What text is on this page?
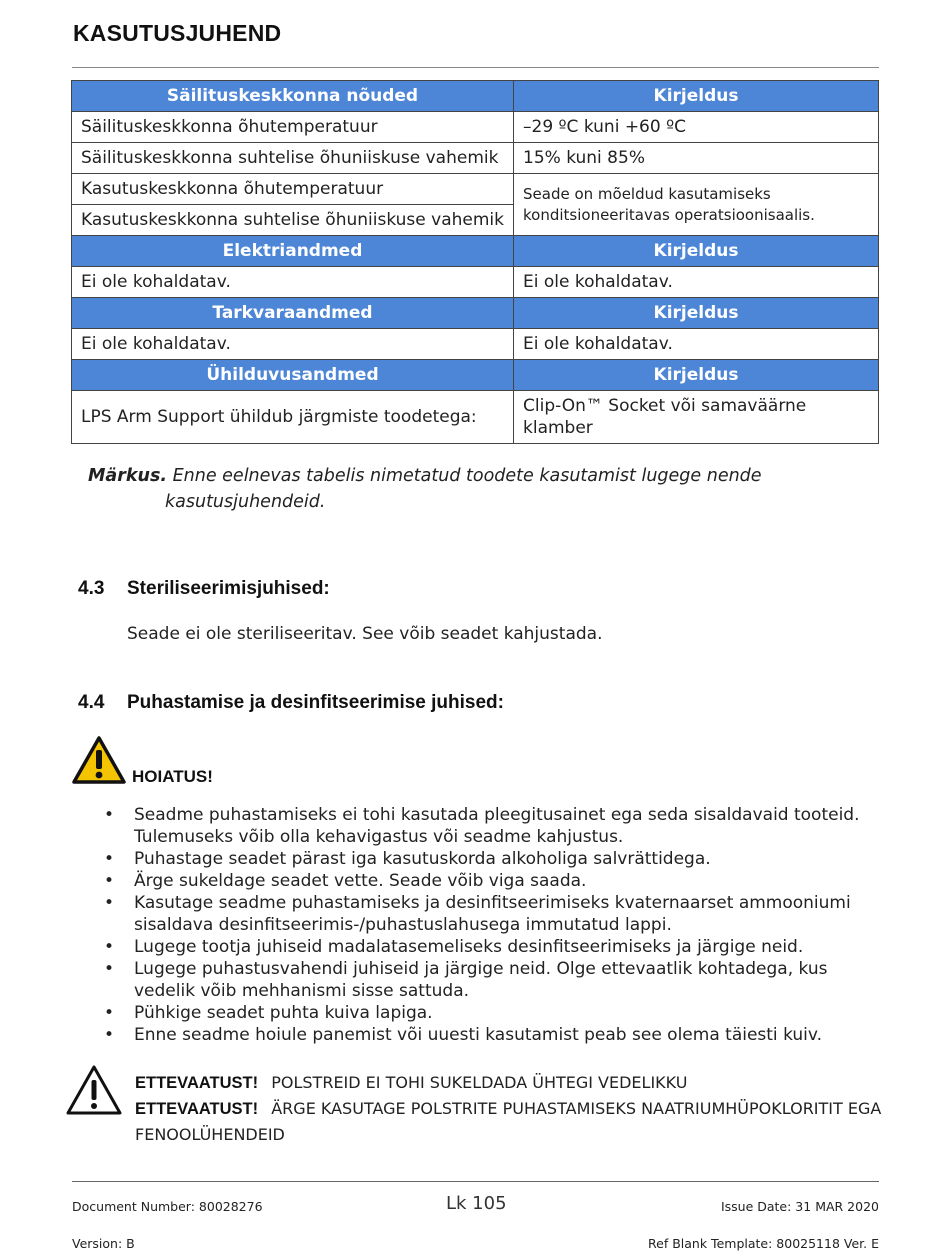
KASUTUSJUHEND
Säilituskeskkonna nõuded	Kirjeldus
Säilituskeskkonna õhutemperatuur	–29 ºC kuni +60 ºC
Säilituskeskkonna suhtelise õhuniiskuse vahemik	15% kuni 85%
Kasutuskeskkonna õhutemperatuur	Seade on mõeldud kasutamiseks konditsioneeritavas operatsioonisaalis.
Kasutuskeskkonna suhtelise õhuniiskuse vahemik	
Elektriandmed	Kirjeldus
Ei ole kohaldatav.	Ei ole kohaldatav.
Tarkvaraandmed	Kirjeldus
Ei ole kohaldatav.	Ei ole kohaldatav.
Ühilduvusandmed	Kirjeldus
LPS Arm Support ühildub järgmiste toodetega:	Clip-On™ Socket või samaväärne klamber
Märkus. Enne eelnevas tabelis nimetatud toodete kasutamist lugege nende
kasutusjuhendeid.
4.3 Steriliseerimisjuhised:
Seade ei ole steriliseeritav. See võib seadet kahjustada.
4.4 Puhastamise ja desinfitseerimise juhised:
HOIATUS!
• Seadme puhastamiseks ei tohi kasutada pleegitusainet ega seda sisaldavaid tooteid. Tulemuseks võib olla kehavigastus või seadme kahjustus.
• Puhastage seadet pärast iga kasutuskorda alkoholiga salvrättidega.
• Ärge sukeldage seadet vette. Seade võib viga saada.
• Kasutage seadme puhastamiseks ja desinfitseerimiseks kvaternaarset ammooniumi sisaldava desinfitseerimis-/puhastuslahusega immutatud lappi.
• Lugege tootja juhiseid madalatasemeliseks desinfitseerimiseks ja järgige neid.
• Lugege puhastusvahendi juhiseid ja järgige neid. Olge ettevaatlik kohtadega, kus vedelik võib mehhanismi sisse sattuda.
• Pühkige seadet puhta kuiva lapiga.
• Enne seadme hoiule panemist või uuesti kasutamist peab see olema täiesti kuiv.
ETTEVAATUST! POLSTREID EI TOHI SUKELDADA ÜHTEGI VEDELIKKU
ETTEVAATUST! ÄRGE KASUTAGE POLSTRITE PUHASTAMISEKS NAATRIUMHÜPOKLORITIT EGA FENOOLÜHENDEID
Document Number: 80028276	Lk 105	Issue Date: 31 MAR 2020
Version: B	Ref Blank Template: 80025118 Ver. E
